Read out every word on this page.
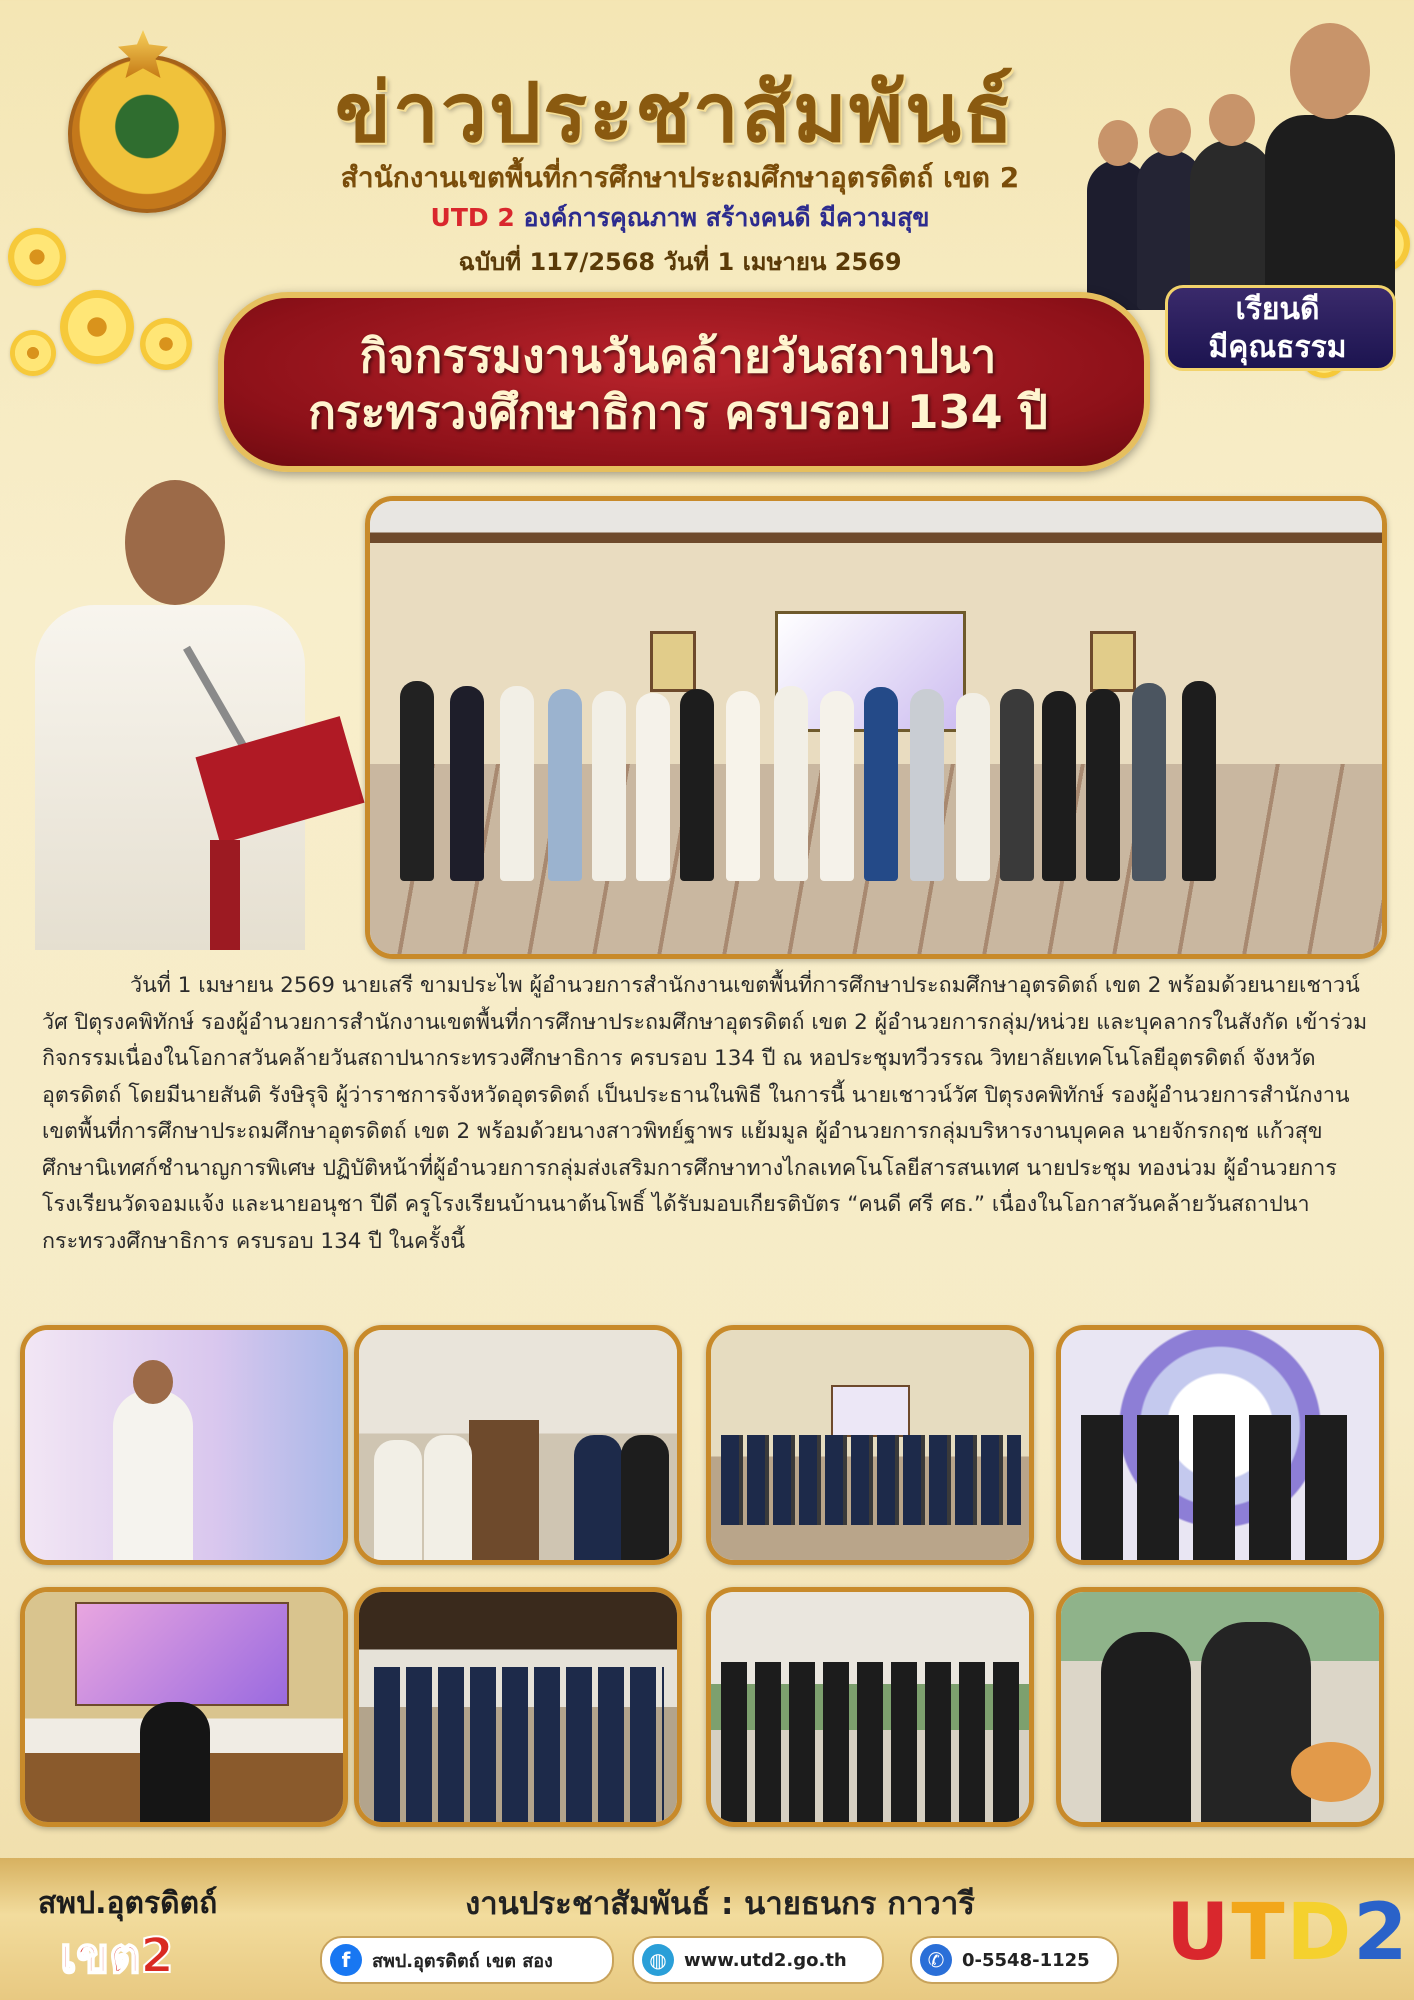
ข่าวประชาสัมพันธ์
สำนักงานเขตพื้นที่การศึกษาประถมศึกษาอุตรดิตถ์ เขต 2
UTD 2 องค์การคุณภาพ สร้างคนดี มีความสุข
ฉบับที่ 117/2568 วันที่ 1 เมษายน 2569
เรียนดี
มีคุณธรรม
กิจกรรมงานวันคล้ายวันสถาปนา
กระทรวงศึกษาธิการ ครบรอบ 134 ปี

วันที่ 1 เมษายน 2569 นายเสรี ขามประไพ ผู้อำนวยการสำนักงานเขตพื้นที่การศึกษาประถมศึกษาอุตรดิตถ์ เขต 2 พร้อมด้วยนายเชาวน์วัศ ปิตุรงคพิทักษ์ รองผู้อำนวยการสำนักงานเขตพื้นที่การศึกษาประถมศึกษาอุตรดิตถ์ เขต 2 ผู้อำนวยการกลุ่ม/หน่วย และบุคลากรในสังกัด เข้าร่วมกิจกรรมเนื่องในโอกาสวันคล้ายวันสถาปนากระทรวงศึกษาธิการ ครบรอบ 134 ปี ณ หอประชุมทวีวรรณ วิทยาลัยเทคโนโลยีอุตรดิตถ์ จังหวัดอุตรดิตถ์ โดยมีนายสันติ รังษิรุจิ ผู้ว่าราชการจังหวัดอุตรดิตถ์ เป็นประธานในพิธี ในการนี้ นายเชาวน์วัศ ปิตุรงคพิทักษ์ รองผู้อำนวยการสำนักงานเขตพื้นที่การศึกษาประถมศึกษาอุตรดิตถ์ เขต 2 พร้อมด้วยนางสาวพิทย์ฐาพร แย้มมูล ผู้อำนวยการกลุ่มบริหารงานบุคคล นายจักรกฤช แก้วสุข ศึกษานิเทศก์ชำนาญการพิเศษ ปฏิบัติหน้าที่ผู้อำนวยการกลุ่มส่งเสริมการศึกษาทางไกลเทคโนโลยีสารสนเทศ นายประชุม ทองน่วม ผู้อำนวยการโรงเรียนวัดจอมแจ้ง และนายอนุชา ปีดี ครูโรงเรียนบ้านนาต้นโพธิ์ ได้รับมอบเกียรติบัตร “คนดี ศรี ศธ.” เนื่องในโอกาสวันคล้ายวันสถาปนากระทรวงศึกษาธิการ ครบรอบ 134 ปี ในครั้งนี้

สพป.อุตรดิตถ์
เขต2
งานประชาสัมพันธ์ : นายธนกร กาวารี
f	สพป.อุตรดิตถ์ เขต สอง	◍ www.utd2.go.th	✆ 0-5548-1125 UTD2
